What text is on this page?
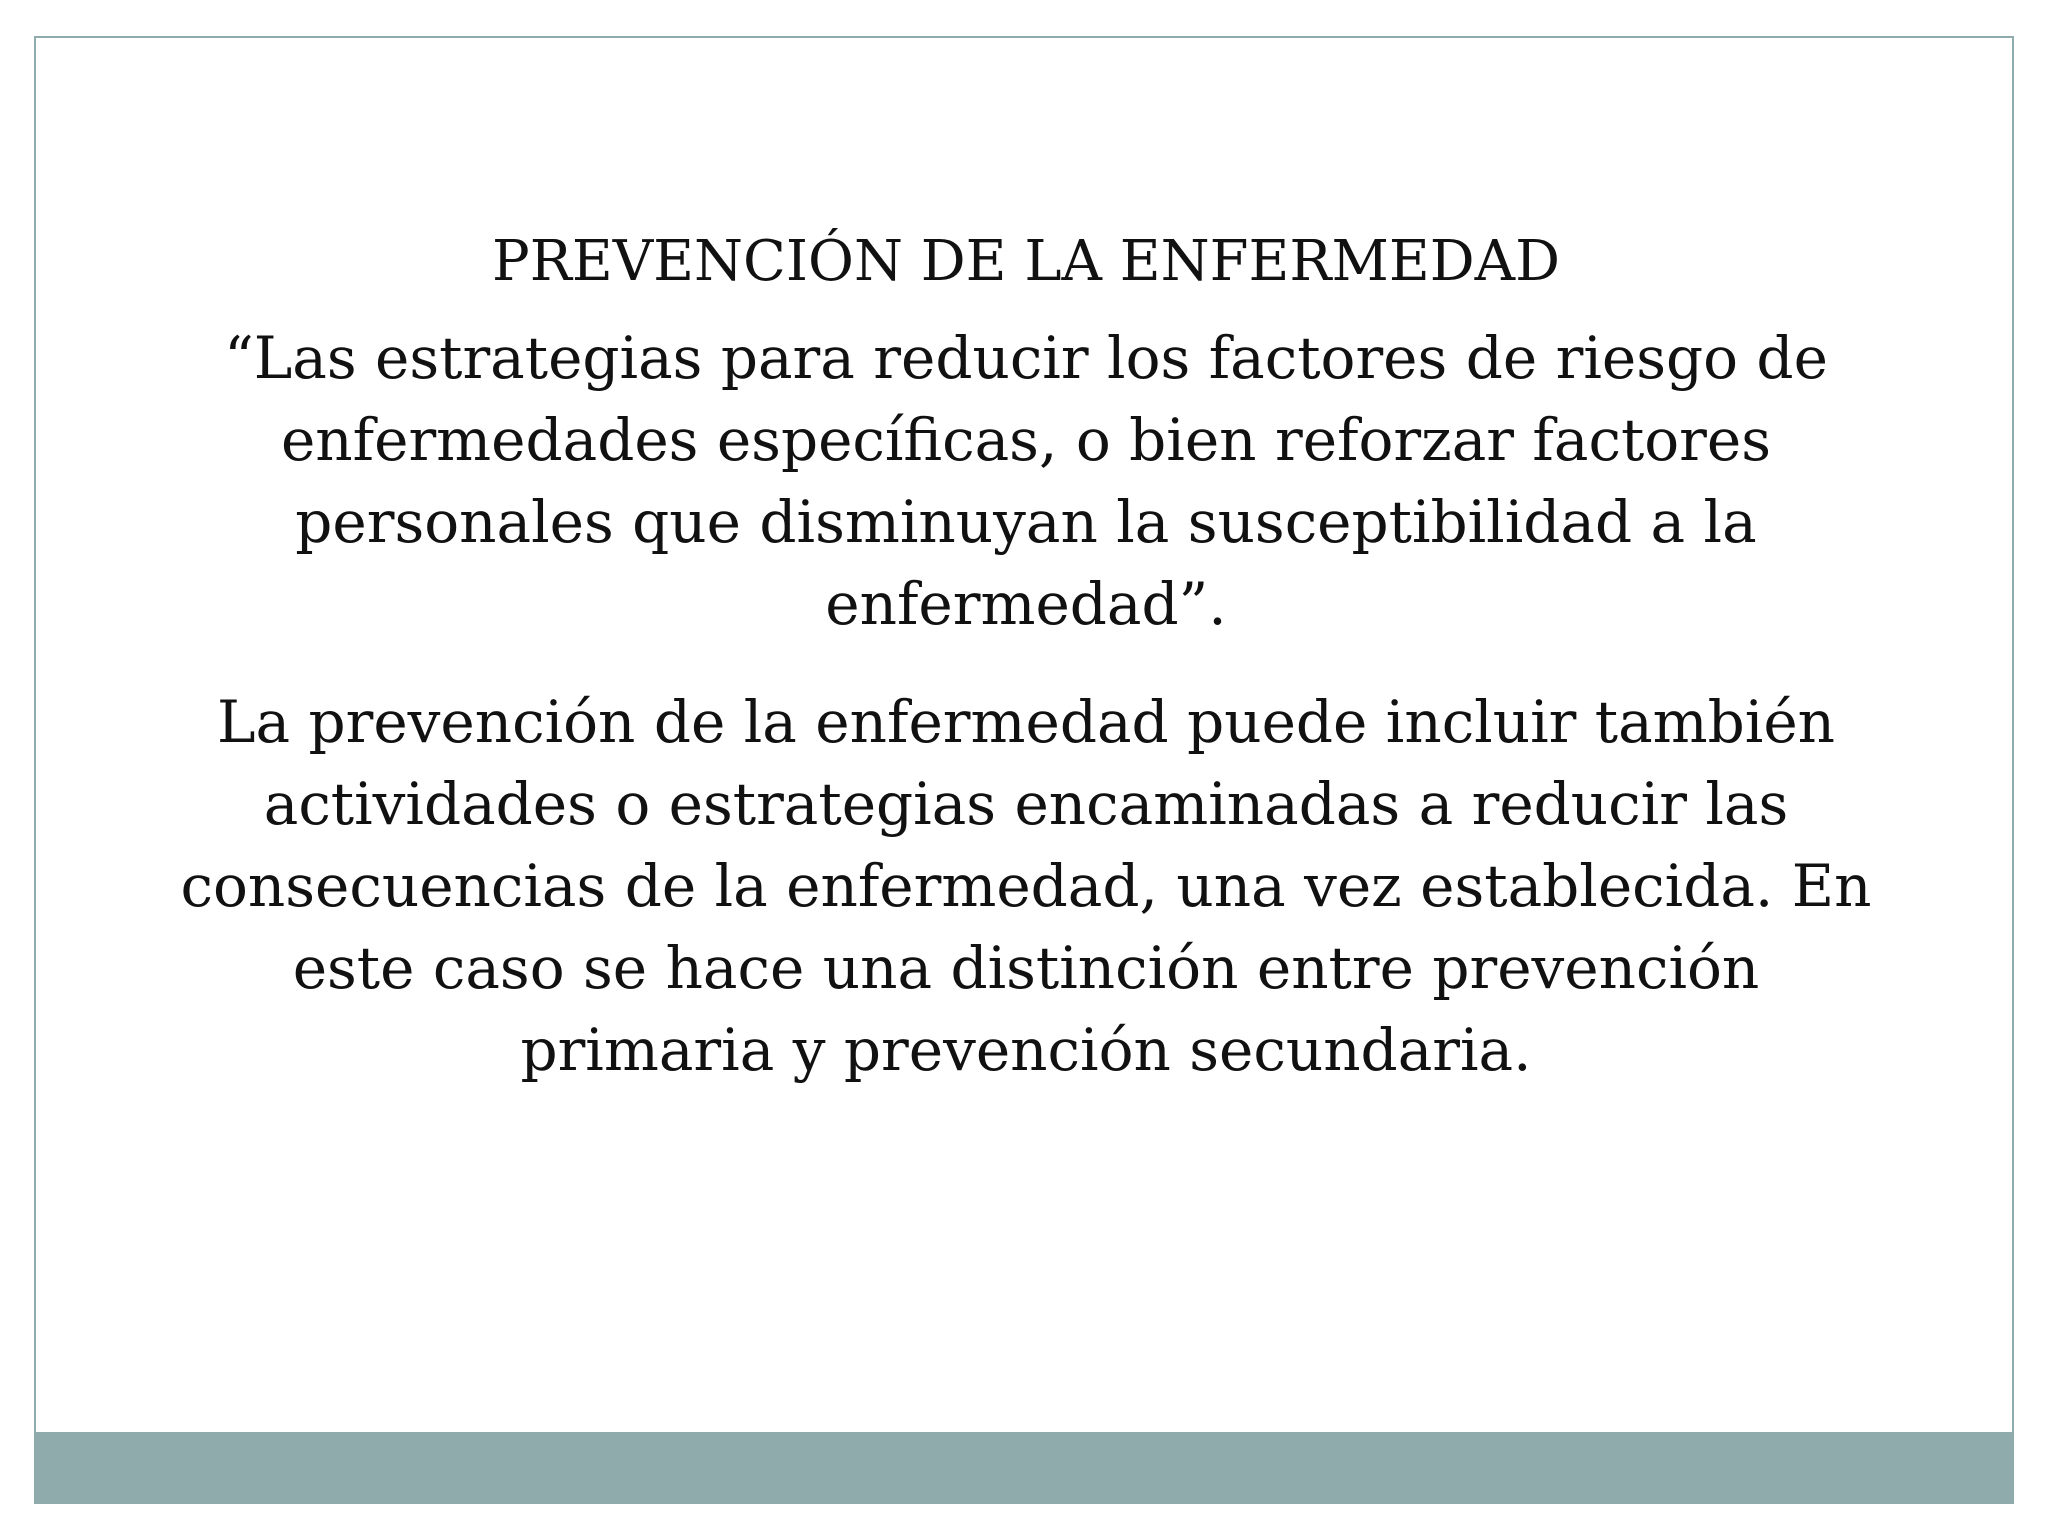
PREVENCIÓN DE LA ENFERMEDAD

“Las estrategias para reducir los factores de riesgo de enfermedades específicas, o bien reforzar factores personales que disminuyan la susceptibilidad a la enfermedad”.

La prevención de la enfermedad puede incluir también actividades o estrategias encaminadas a reducir las consecuencias de la enfermedad, una vez establecida. En este caso se hace una distinción entre prevención primaria y prevención secundaria.
